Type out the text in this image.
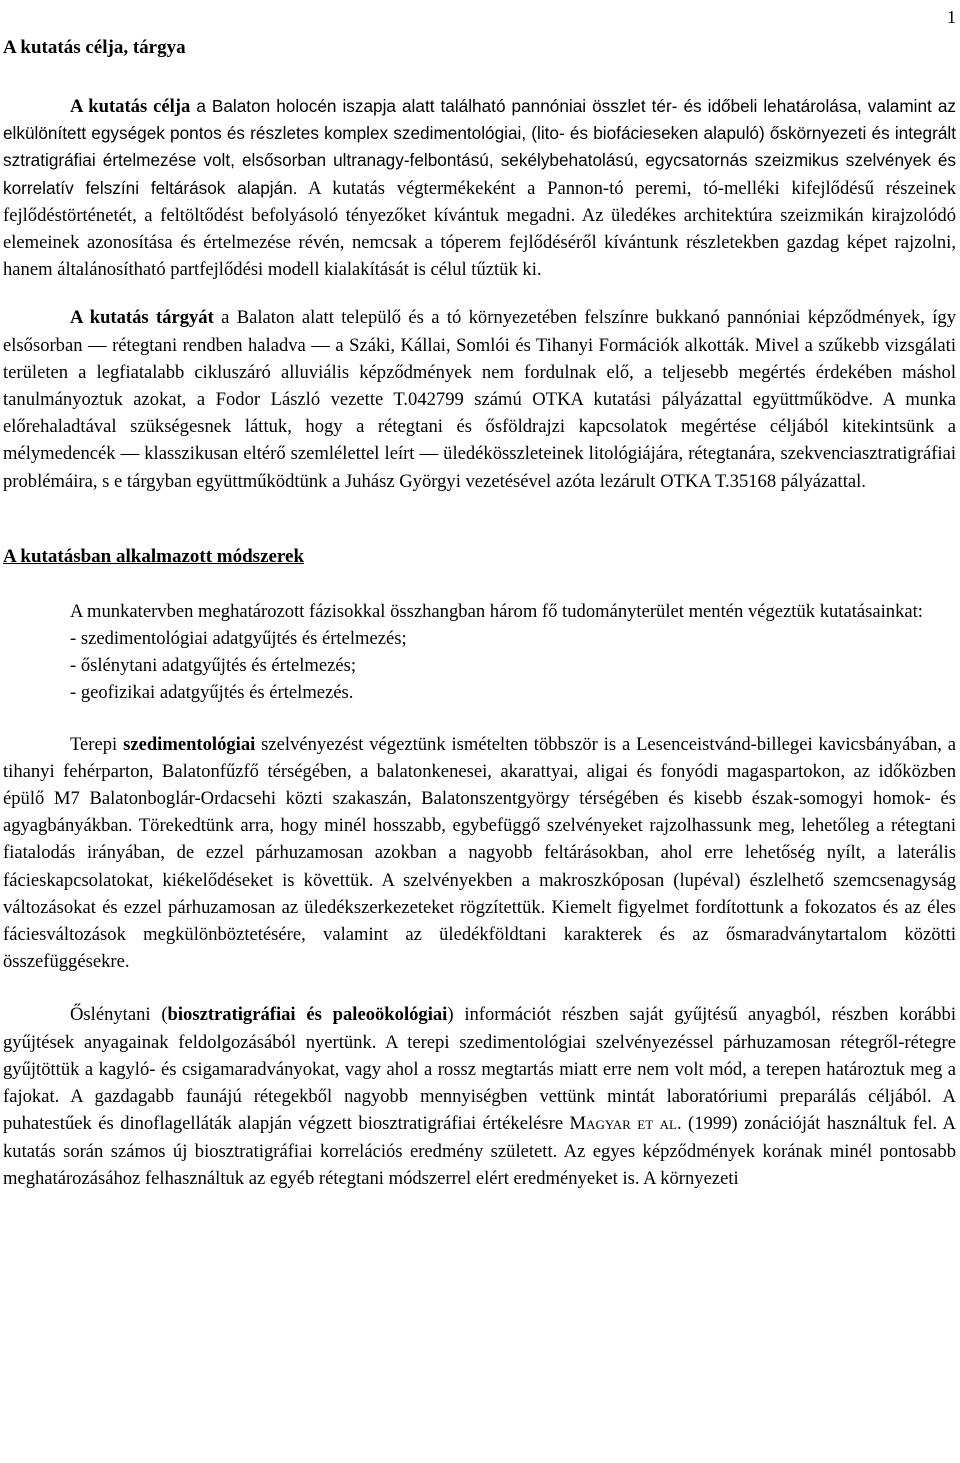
1
A kutatás célja, tárgya

A kutatás célja a Balaton holocén iszapja alatt található pannóniai összlet tér- és időbeli lehatárolása, valamint az elkülönített egységek pontos és részletes komplex szedimentológiai, (lito- és biofácieseken alapuló) őskörnyezeti és integrált sztratigráfiai értelmezése volt, elsősorban ultranagy-felbontású, sekélybehatolású, egycsatornás szeizmikus szelvények és korrelatív felszíni feltárások alapján. A kutatás végtermékeként a Pannon-tó peremi, tó-melléki kifejlődésű részeinek fejlődéstörténetét, a feltöltődést befolyásoló tényezőket kívántuk megadni. Az üledékes architektúra szeizmikán kirajzolódó elemeinek azonosítása és értelmezése révén, nemcsak a tóperem fejlődéséről kívántunk részletekben gazdag képet rajzolni, hanem általánosítható partfejlődési modell kialakítását is célul tűztük ki.

A kutatás tárgyát a Balaton alatt települő és a tó környezetében felszínre bukkanó pannóniai képződmények, így elsősorban — rétegtani rendben haladva — a Száki, Kállai, Somlói és Tihanyi Formációk alkották. Mivel a szűkebb vizsgálati területen a legfiatalabb cikluszáró alluviális képződmények nem fordulnak elő, a teljesebb megértés érdekében máshol tanulmányoztuk azokat, a Fodor László vezette T.042799 számú OTKA kutatási pályázattal együttműködve. A munka előrehaladtával szükségesnek láttuk, hogy a rétegtani és ősföldrajzi kapcsolatok megértése céljából kitekintsünk a mélymedencék — klasszikusan eltérő szemlélettel leírt — üledékösszleteinek litológiájára, rétegtanára, szekvenciasztratigráfiai problémáira, s e tárgyban együttműködtünk a Juhász Györgyi vezetésével azóta lezárult OTKA T.35168 pályázattal.

A kutatásban alkalmazott módszerek

A munkatervben meghatározott fázisokkal összhangban három fő tudományterület mentén végeztük kutatásainkat:

- szedimentológiai adatgyűjtés és értelmezés;
- őslénytani adatgyűjtés és értelmezés;
- geofizikai adatgyűjtés és értelmezés.

Terepi szedimentológiai szelvényezést végeztünk ismételten többször is a Lesenceistvánd-billegei kavicsbányában, a tihanyi fehérparton, Balatonfűzfő térségében, a balatonkenesei, akarattyai, aligai és fonyódi magaspartokon, az időközben épülő M7 Balatonboglár-Ordacsehi közti szakaszán, Balatonszentgyörgy térségében és kisebb észak-somogyi homok- és agyagbányákban. Törekedtünk arra, hogy minél hosszabb, egybefüggő szelvényeket rajzolhassunk meg, lehetőleg a rétegtani fiatalodás irányában, de ezzel párhuzamosan azokban a nagyobb feltárásokban, ahol erre lehetőség nyílt, a laterális fácieskapcsolatokat, kiékelődéseket is követtük. A szelvényekben a makroszkóposan (lupéval) észlelhető szemcsenagyság változásokat és ezzel párhuzamosan az üledékszerkezeteket rögzítettük. Kiemelt figyelmet fordítottunk a fokozatos és az éles fáciesváltozások megkülönböztetésére, valamint az üledékföldtani karakterek és az ősmaradványtartalom közötti összefüggésekre.

Őslénytani (biosztratigráfiai és paleoökológiai) információt részben saját gyűjtésű anyagból, részben korábbi gyűjtések anyagainak feldolgozásából nyertünk. A terepi szedimentológiai szelvényezéssel párhuzamosan rétegről-rétegre gyűjtöttük a kagyló- és csigamaradványokat, vagy ahol a rossz megtartás miatt erre nem volt mód, a terepen határoztuk meg a fajokat. A gazdagabb faunájú rétegekből nagyobb mennyiségben vettünk mintát laboratóriumi preparálás céljából. A puhatestűek és dinoflagelláták alapján végzett biosztratigráfiai értékelésre Magyar et al. (1999) zonációját használtuk fel. A kutatás során számos új biosztratigráfiai korrelációs eredmény született. Az egyes képződmények korának minél pontosabb meghatározásához felhasználtuk az egyéb rétegtani módszerrel elért eredményeket is. A környezeti
